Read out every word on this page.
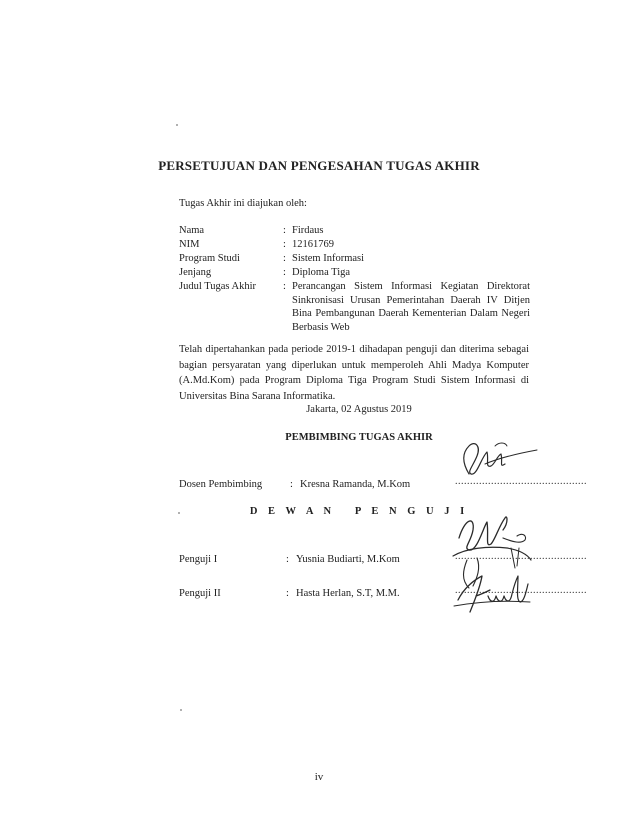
PERSETUJUAN DAN PENGESAHAN TUGAS AKHIR
Tugas Akhir ini diajukan oleh:
Nama	: Firdaus
NIM	: 12161769
Program Studi	: Sistem Informasi
Jenjang	: Diploma Tiga
Judul Tugas Akhir	: Perancangan Sistem Informasi Kegiatan Direktorat Sinkronisasi Urusan Pemerintahan Daerah IV Ditjen Bina Pembangunan Daerah Kementerian Dalam Negeri Berbasis Web
Telah dipertahankan pada periode 2019-1 dihadapan penguji dan diterima sebagai bagian persyaratan yang diperlukan untuk memperoleh Ahli Madya Komputer (A.Md.Kom) pada Program Diploma Tiga Program Studi Sistem Informasi di Universitas Bina Sarana Informatika.
Jakarta, 02 Agustus 2019
PEMBIMBING TUGAS AKHIR
Dosen Pembimbing	: Kresna Ramanda, M.Kom	............................................
D E W A N   P E N G U J I
Penguji I	: Yusnia Budiarti, M.Kom	............................................
Penguji II	: Hasta Herlan, S.T, M.M.	............................................
iv
